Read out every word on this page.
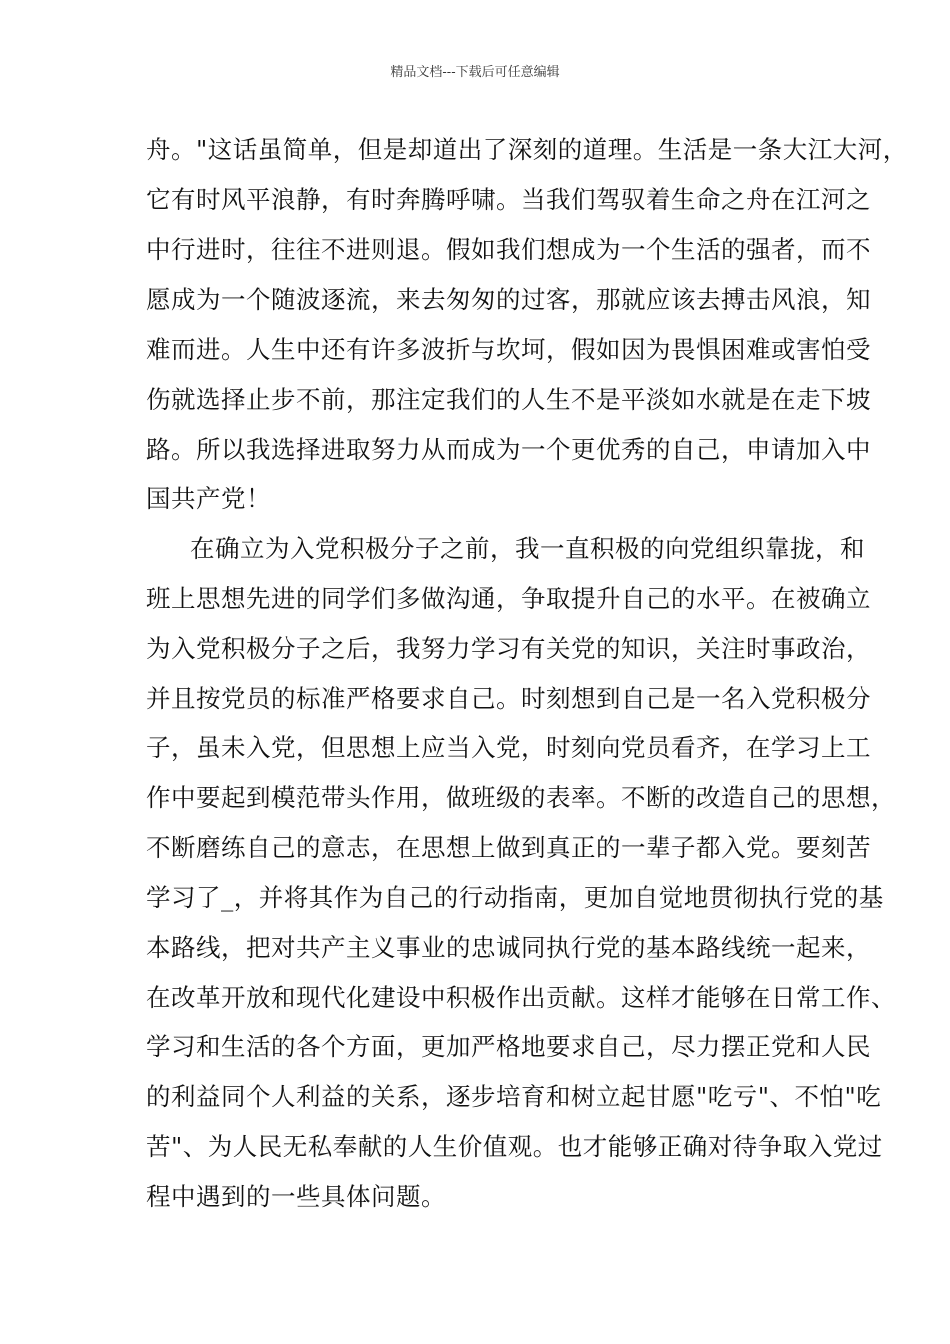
精品文档---下载后可任意编辑
舟。"这话虽简单，但是却道出了深刻的道理。生活是一条大江大河，
它有时风平浪静，有时奔腾呼啸。当我们驾驭着生命之舟在江河之
中行进时，往往不进则退。假如我们想成为一个生活的强者，而不
愿成为一个随波逐流，来去匆匆的过客，那就应该去搏击风浪，知
难而进。人生中还有许多波折与坎坷，假如因为畏惧困难或害怕受
伤就选择止步不前，那注定我们的人生不是平淡如水就是在走下坡
路。所以我选择进取努力从而成为一个更优秀的自己，申请加入中
国共产党！
在确立为入党积极分子之前，我一直积极的向党组织靠拢，和
班上思想先进的同学们多做沟通，争取提升自己的水平。在被确立
为入党积极分子之后，我努力学习有关党的知识，关注时事政治，
并且按党员的标准严格要求自己。时刻想到自己是一名入党积极分
子，虽未入党，但思想上应当入党，时刻向党员看齐，在学习上工
作中要起到模范带头作用，做班级的表率。不断的改造自己的思想，
不断磨练自己的意志，在思想上做到真正的一辈子都入党。要刻苦
学习了_，并将其作为自己的行动指南，更加自觉地贯彻执行党的基
本路线，把对共产主义事业的忠诚同执行党的基本路线统一起来，
在改革开放和现代化建设中积极作出贡献。这样才能够在日常工作、
学习和生活的各个方面，更加严格地要求自己，尽力摆正党和人民
的利益同个人利益的关系，逐步培育和树立起甘愿"吃亏"、不怕"吃
苦"、为人民无私奉献的人生价值观。也才能够正确对待争取入党过
程中遇到的一些具体问题。
